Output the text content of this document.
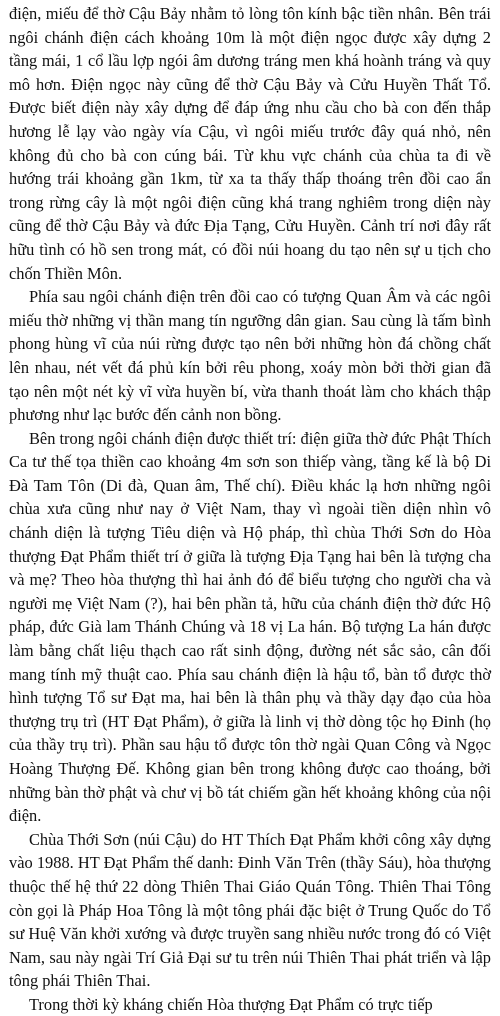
điện, miếu để thờ Cậu Bảy nhằm tỏ lòng tôn kính bậc tiền nhân. Bên trái ngôi chánh điện cách khoảng 10m là một điện ngọc được xây dựng 2 tầng mái, 1 cổ lầu lợp ngói âm dương tráng men khá hoành tráng và quy mô hơn. Điện ngọc này cũng để thờ Cậu Bảy và Cửu Huyền Thất Tổ. Được biết điện này xây dựng để đáp ứng nhu cầu cho bà con đến thắp hương lễ lạy vào ngày vía Cậu, vì ngôi miếu trước đây quá nhỏ, nên không đủ cho bà con cúng bái. Từ khu vực chánh của chùa ta đi về hướng trái khoảng gần 1km, từ xa ta thấy thấp thoáng trên đồi cao ẩn trong rừng cây là một ngôi điện cũng khá trang nghiêm trong diện này cũng để thờ Cậu Bảy và đức Địa Tạng, Cửu Huyền. Cảnh trí nơi đây rất hữu tình có hồ sen trong mát, có đồi núi hoang du tạo nên sự u tịch cho chốn Thiền Môn.

Phía sau ngôi chánh điện trên đồi cao có tượng Quan Âm và các ngôi miếu thờ những vị thần mang tín ngưỡng dân gian. Sau cùng là tấm bình phong hùng vĩ của núi rừng được tạo nên bởi những hòn đá chồng chất lên nhau, nét vết đá phủ kín bởi rêu phong, xoáy mòn bởi thời gian đã tạo nên một nét kỳ vĩ vừa huyền bí, vừa thanh thoát làm cho khách thập phương như lạc bước đến cảnh non bồng.

Bên trong ngôi chánh điện được thiết trí: điện giữa thờ đức Phật Thích Ca tư thế tọa thiền cao khoảng 4m sơn son thiếp vàng, tầng kế là bộ Di Đà Tam Tôn (Di đà, Quan âm, Thế chí). Điều khác lạ hơn những ngôi chùa xưa cũng như nay ở Việt Nam, thay vì ngoài tiền diện nhìn vô chánh diện là tượng Tiêu diện và Hộ pháp, thì chùa Thới Sơn do Hòa thượng Đạt Phẩm thiết trí ở giữa là tượng Địa Tạng hai bên là tượng cha và mẹ? Theo hòa thượng thì hai ảnh đó để biểu tượng cho người cha và người mẹ Việt Nam (?), hai bên phần tả, hữu của chánh điện thờ đức Hộ pháp, đức Già lam Thánh Chúng và 18 vị La hán. Bộ tượng La hán được làm bằng chất liệu thạch cao rất sinh động, đường nét sắc sảo, cân đối mang tính mỹ thuật cao. Phía sau chánh điện là hậu tổ, bàn tổ được thờ hình tượng Tổ sư Đạt ma, hai bên là thân phụ và thầy dạy đạo của hòa thượng trụ trì (HT Đạt Phẩm), ở giữa là linh vị thờ dòng tộc họ Đinh (họ của thầy trụ trì). Phần sau hậu tổ được tôn thờ ngài Quan Công và Ngọc Hoàng Thượng Đế. Không gian bên trong không được cao thoáng, bởi những bàn thờ phật và chư vị bồ tát chiếm gần hết khoảng không của nội điện.

Chùa Thới Sơn (núi Cậu) do HT Thích Đạt Phẩm khởi công xây dựng vào 1988. HT Đạt Phẩm thế danh: Đinh Văn Trên (thầy Sáu), hòa thượng thuộc thế hệ thứ 22 dòng Thiên Thai Giáo Quán Tông. Thiên Thai Tông còn gọi là Pháp Hoa Tông là một tông phái đặc biệt ở Trung Quốc do Tổ sư Huệ Văn khởi xướng và được truyền sang nhiều nước trong đó có Việt Nam, sau này ngài Trí Giả Đại sư tu trên núi Thiên Thai phát triển và lập tông phái Thiên Thai.

Trong thời kỳ kháng chiến Hòa thượng Đạt Phẩm có trực tiếp
